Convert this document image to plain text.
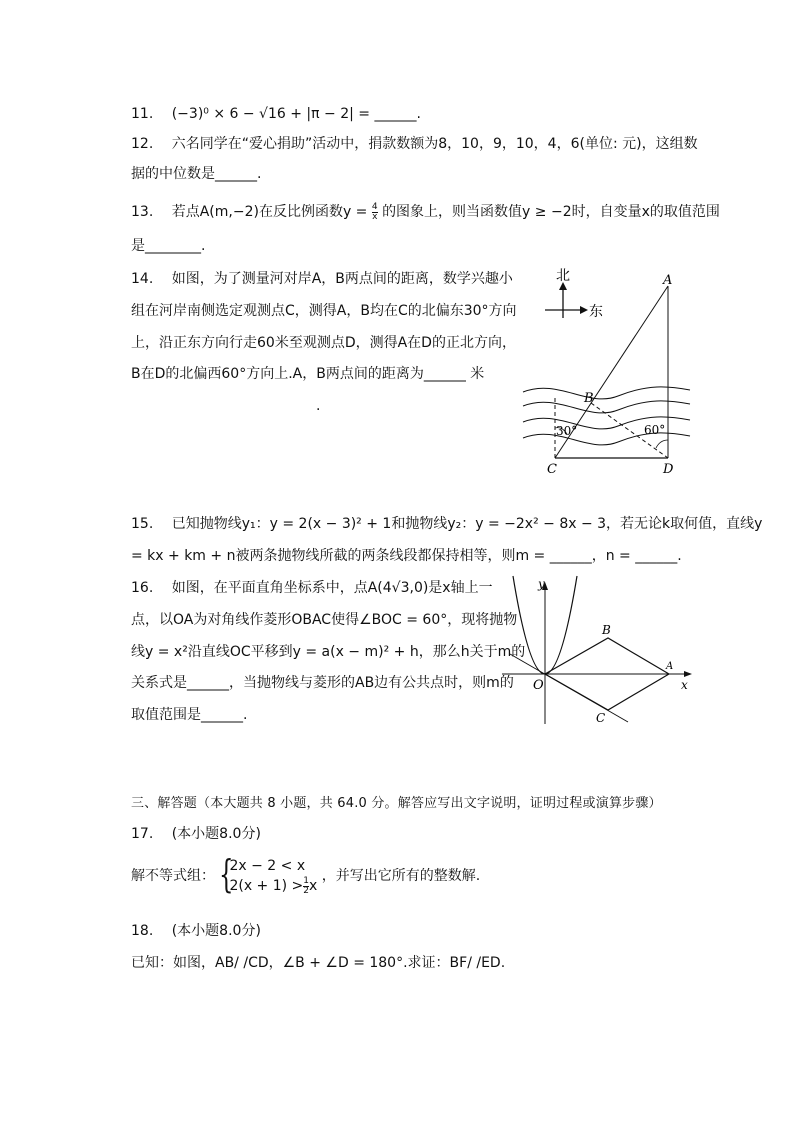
11. (−3)⁰ × 6 − √16 + |π − 2| = ______.
12. 六名同学在“爱心捐助”活动中，捐款数额为8，10，9，10，4，6(单位: 元)，这组数
据的中位数是______.
13. 若点A(m,−2)在反比例函数$y = \frac{4}{x}$ 的图象上，则当函数值y ≥ −2时，自变量x的取值范围
是________.
14. 如图，为了测量河对岸A，B两点间的距离，数学兴趣小
组在河岸南侧选定观测点C，测得A，B均在C的北偏东30°方向
上，沿正东方向行走60米至观测点D，测得A在D的正北方向，
B在D的北偏西60°方向上.A，B两点间的距离为______ 米
.
北
东
A
B
C	D
30°	60°
15. 已知抛物线y₁：y = 2(x − 3)² + 1和抛物线y₂：y = −2x² − 8x − 3，若无论k取何值，直线y
= kx + km + n被两条抛物线所截的两条线段都保持相等，则m = ______，n = ______.
16. 如图，在平面直角坐标系中，点A(4√3,0)是x轴上一
点，以OA为对角线作菱形OBAC使得∠BOC = 60°，现将抛物
线y = x²沿直线OC平移到y = a(x − m)² + h，那么h关于m的
关系式是______，当抛物线与菱形的AB边有公共点时，则m的
取值范围是______.
y
x
O
A
B
C
三、解答题（本大题共 8 小题，共 64.0 分。解答应写出文字说明，证明过程或演算步骤）
17. (本小题8.0分)
解不等式组： {
2x − 2 < x
$2(x + 1) > \frac{1}{2}$ x
，并写出它所有的整数解.
18. (本小题8.0分)
已知：如图，AB/ /CD，∠B + ∠D = 180°.求证：BF/ /ED.
